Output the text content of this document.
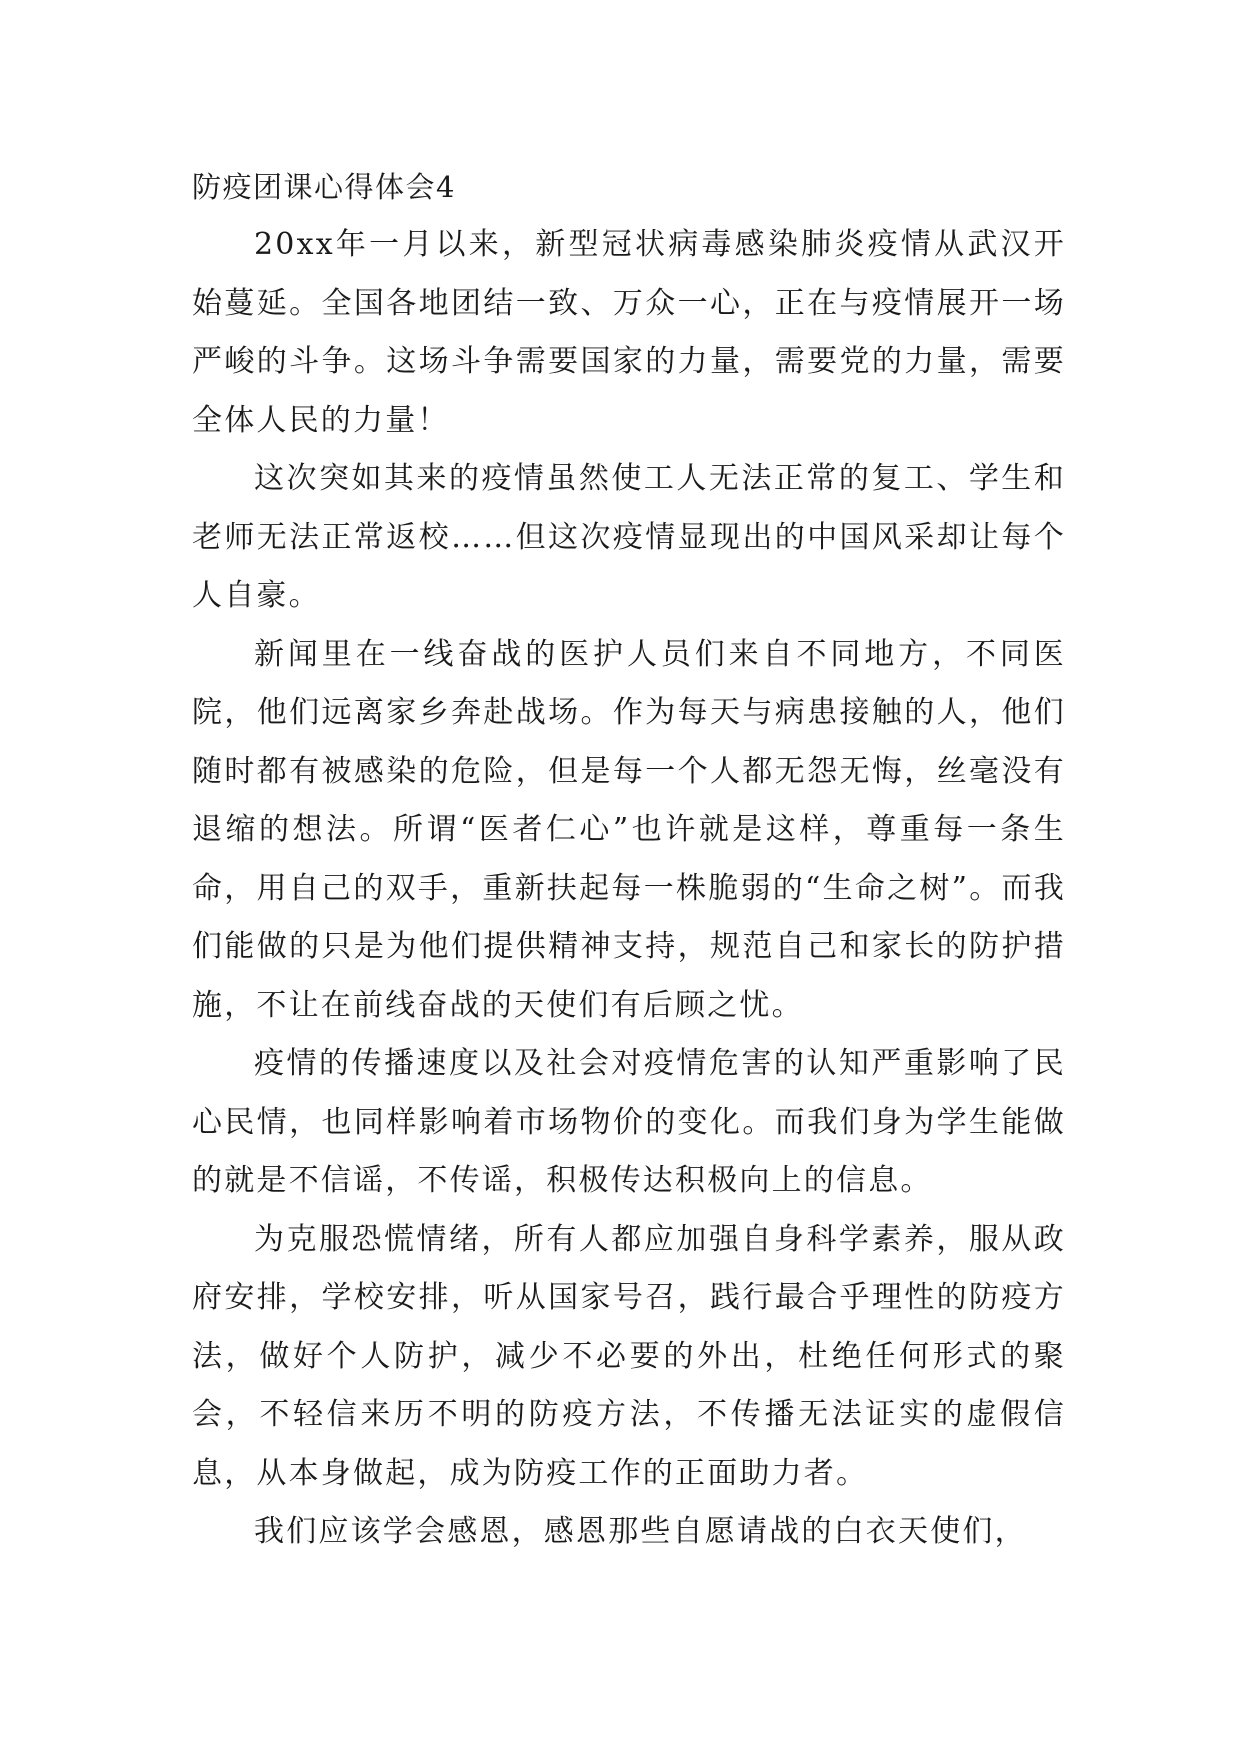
防疫团课心得体会4

20xx年一月以来，新型冠状病毒感染肺炎疫情从武汉开始蔓延。全国各地团结一致、万众一心，正在与疫情展开一场严峻的斗争。这场斗争需要国家的力量，需要党的力量，需要全体人民的力量！

这次突如其来的疫情虽然使工人无法正常的复工、学生和老师无法正常返校……但这次疫情显现出的中国风采却让每个人自豪。

新闻里在一线奋战的医护人员们来自不同地方，不同医院，他们远离家乡奔赴战场。作为每天与病患接触的人，他们随时都有被感染的危险，但是每一个人都无怨无悔，丝毫没有退缩的想法。所谓“医者仁心”也许就是这样，尊重每一条生命，用自己的双手，重新扶起每一株脆弱的“生命之树”。而我们能做的只是为他们提供精神支持，规范自己和家长的防护措施，不让在前线奋战的天使们有后顾之忧。

疫情的传播速度以及社会对疫情危害的认知严重影响了民心民情，也同样影响着市场物价的变化。而我们身为学生能做的就是不信谣，不传谣，积极传达积极向上的信息。

为克服恐慌情绪，所有人都应加强自身科学素养，服从政府安排，学校安排，听从国家号召，践行最合乎理性的防疫方法，做好个人防护，减少不必要的外出，杜绝任何形式的聚会，不轻信来历不明的防疫方法，不传播无法证实的虚假信息，从本身做起，成为防疫工作的正面助力者。

我们应该学会感恩，感恩那些自愿请战的白衣天使们，
